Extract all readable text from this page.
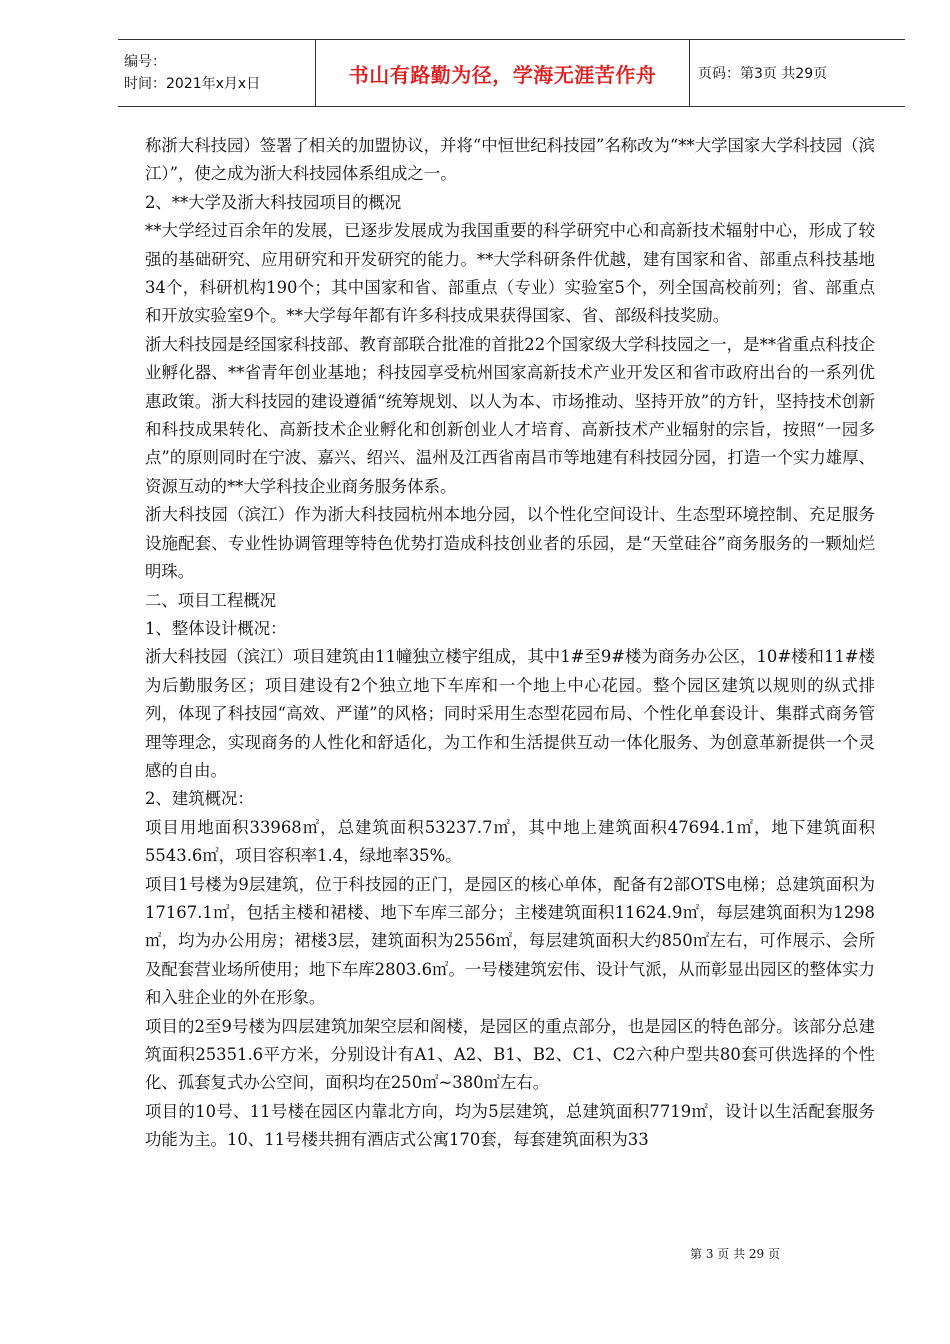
编号：
时间：2021年x月x日	书山有路勤为径，学海无涯苦作舟	页码：第3页 共29页

称浙大科技园）签署了相关的加盟协议，并将“中恒世纪科技园”名称改为“**大学国家大学科技园（滨江）”，使之成为浙大科技园体系组成之一。

2、**大学及浙大科技园项目的概况

**大学经过百余年的发展，已逐步发展成为我国重要的科学研究中心和高新技术辐射中心，形成了较强的基础研究、应用研究和开发研究的能力。**大学科研条件优越，建有国家和省、部重点科技基地34个，科研机构190个；其中国家和省、部重点（专业）实验室5个，列全国高校前列；省、部重点和开放实验室9个。**大学每年都有许多科技成果获得国家、省、部级科技奖励。

浙大科技园是经国家科技部、教育部联合批准的首批22个国家级大学科技园之一，是**省重点科技企业孵化器、**省青年创业基地；科技园享受杭州国家高新技术产业开发区和省市政府出台的一系列优惠政策。浙大科技园的建设遵循“统筹规划、以人为本、市场推动、坚持开放”的方针，坚持技术创新和科技成果转化、高新技术企业孵化和创新创业人才培育、高新技术产业辐射的宗旨，按照“一园多点”的原则同时在宁波、嘉兴、绍兴、温州及江西省南昌市等地建有科技园分园，打造一个实力雄厚、资源互动的**大学科技企业商务服务体系。

浙大科技园（滨江）作为浙大科技园杭州本地分园，以个性化空间设计、生态型环境控制、充足服务设施配套、专业性协调管理等特色优势打造成科技创业者的乐园，是“天堂硅谷”商务服务的一颗灿烂明珠。

二、项目工程概况

1、整体设计概况：

浙大科技园（滨江）项目建筑由11幢独立楼宇组成，其中1#至9#楼为商务办公区，10#楼和11#楼为后勤服务区；项目建设有2个独立地下车库和一个地上中心花园。整个园区建筑以规则的纵式排列，体现了科技园“高效、严谨”的风格；同时采用生态型花园布局、个性化单套设计、集群式商务管理等理念，实现商务的人性化和舒适化，为工作和生活提供互动一体化服务、为创意革新提供一个灵感的自由。

2、建筑概况：

项目用地面积33968㎡，总建筑面积53237.7㎡，其中地上建筑面积47694.1㎡，地下建筑面积5543.6㎡，项目容积率1.4，绿地率35%。

项目1号楼为9层建筑，位于科技园的正门，是园区的核心单体，配备有2部OTS电梯；总建筑面积为17167.1㎡，包括主楼和裙楼、地下车库三部分；主楼建筑面积11624.9㎡，每层建筑面积为1298㎡，均为办公用房；裙楼3层，建筑面积为2556㎡，每层建筑面积大约850㎡左右，可作展示、会所及配套营业场所使用；地下车库2803.6㎡。一号楼建筑宏伟、设计气派，从而彰显出园区的整体实力和入驻企业的外在形象。

项目的2至9号楼为四层建筑加架空层和阁楼，是园区的重点部分，也是园区的特色部分。该部分总建筑面积25351.6平方米，分别设计有A1、A2、B1、B2、C1、C2六种户型共80套可供选择的个性化、孤套复式办公空间，面积均在250㎡~380㎡左右。

项目的10号、11号楼在园区内靠北方向，均为5层建筑，总建筑面积7719㎡，设计以生活配套服务功能为主。10、11号楼共拥有酒店式公寓170套，每套建筑面积为33

第 3 页 共 29 页
